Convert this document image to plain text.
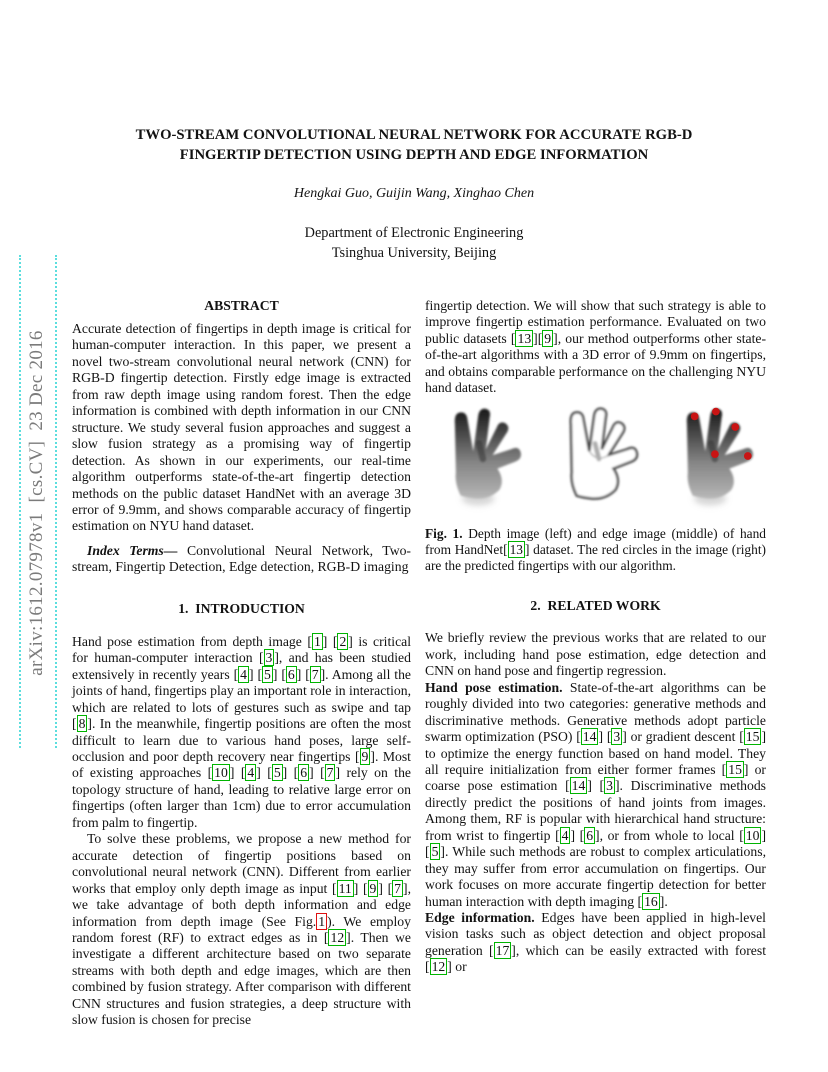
arXiv:1612.07978v1  [cs.CV]  23 Dec 2016
TWO-STREAM CONVOLUTIONAL NEURAL NETWORK FOR ACCURATE RGB-D
FINGERTIP DETECTION USING DEPTH AND EDGE INFORMATION
Hengkai Guo, Guijin Wang, Xinghao Chen
Department of Electronic Engineering
Tsinghua University, Beijing
ABSTRACT

Accurate detection of fingertips in depth image is critical for human-computer interaction. In this paper, we present a novel two-stream convolutional neural network (CNN) for RGB-D fingertip detection. Firstly edge image is extracted from raw depth image using random forest. Then the edge information is combined with depth information in our CNN structure. We study several fusion approaches and suggest a slow fusion strategy as a promising way of fingertip detection. As shown in our experiments, our real-time algorithm outperforms state-of-the-art fingertip detection methods on the public dataset HandNet with an average 3D error of 9.9mm, and shows comparable accuracy of fingertip estimation on NYU hand dataset.

Index Terms— Convolutional Neural Network, Two-stream, Fingertip Detection, Edge detection, RGB-D imaging

1.  INTRODUCTION

Hand pose estimation from depth image [ 1 ] [ 2 ] is critical for human-computer interaction [ 3 ], and has been studied extensively in recently years [ 4 ] [ 5 ] [ 6 ] [ 7 ]. Among all the joints of hand, fingertips play an important role in interaction, which are related to lots of gestures such as swipe and tap [ 8 ]. In the meanwhile, fingertip positions are often the most difficult to learn due to various hand poses, large self-occlusion and poor depth recovery near fingertips [ 9 ]. Most of existing approaches [ 10 ] [ 4 ] [ 5 ] [ 6 ] [ 7 ] rely on the topology structure of hand, leading to relative large error on fingertips (often larger than 1cm) due to error accumulation from palm to fingertip.

To solve these problems, we propose a new method for accurate detection of fingertip positions based on convolutional neural network (CNN). Different from earlier works that employ only depth image as input [ 11 ] [ 9 ] [ 7 ], we take advantage of both depth information and edge information from depth image (See Fig. 1 ). We employ random forest (RF) to extract edges as in [ 12 ]. Then we investigate a different architecture based on two separate streams with both depth and edge images, which are then combined by fusion strategy. After comparison with different CNN structures and fusion strategies, a deep structure with slow fusion is chosen for precise

fingertip detection. We will show that such strategy is able to improve fingertip estimation performance. Evaluated on two public datasets [ 13 ][ 9 ], our method outperforms other state-of-the-art algorithms with a 3D error of 9.9mm on fingertips, and obtains comparable performance on the challenging NYU hand dataset.

Fig. 1. Depth image (left) and edge image (middle) of hand from HandNet[ 13 ] dataset. The red circles in the image (right) are the predicted fingertips with our algorithm.

2.  RELATED WORK

We briefly review the previous works that are related to our work, including hand pose estimation, edge detection and CNN on hand pose and fingertip regression.

Hand pose estimation. State-of-the-art algorithms can be roughly divided into two categories: generative methods and discriminative methods. Generative methods adopt particle swarm optimization (PSO) [ 14 ] [ 3 ] or gradient descent [ 15 ] to optimize the energy function based on hand model. They all require initialization from either former frames [ 15 ] or coarse pose estimation [ 14 ] [ 3 ]. Discriminative methods directly predict the positions of hand joints from images. Among them, RF is popular with hierarchical hand structure: from wrist to fingertip [ 4 ] [ 6 ], or from whole to local [ 10 ] [ 5 ]. While such methods are robust to complex articulations, they may suffer from error accumulation on fingertips. Our work focuses on more accurate fingertip detection for better human interaction with depth imaging [ 16 ].

Edge information. Edges have been applied in high-level vision tasks such as object detection and object proposal generation [ 17 ], which can be easily extracted with forest [ 12 ] or
